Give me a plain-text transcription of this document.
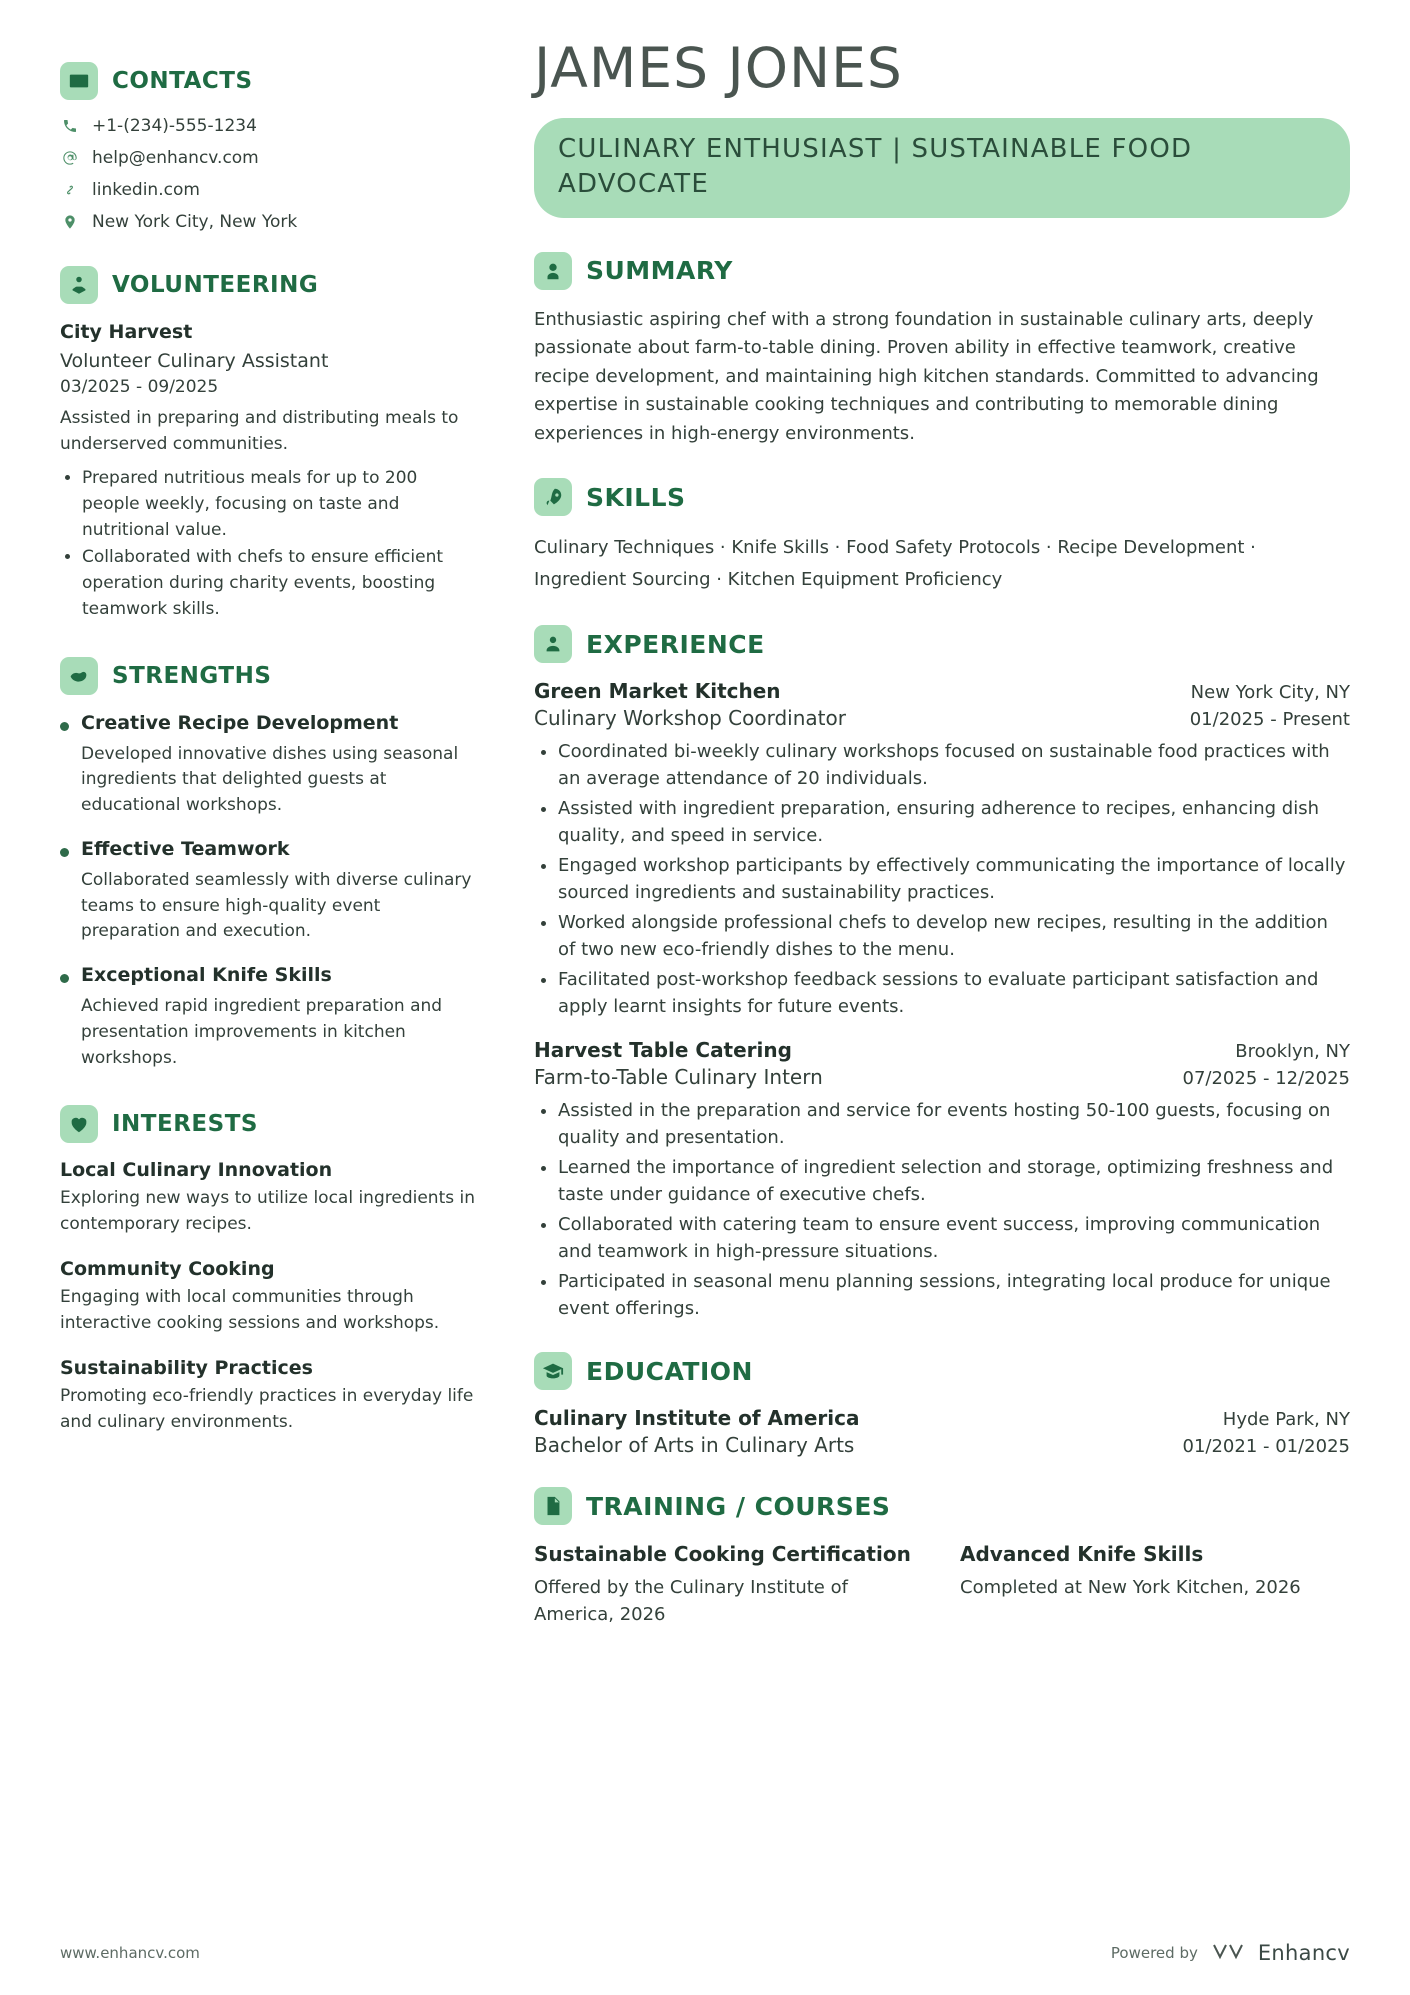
CONTACTS
+1-(234)-555-1234
help@enhancv.com
linkedin.com
New York City, New York
VOLUNTEERING
City Harvest
Volunteer Culinary Assistant
03/2025 - 09/2025
Assisted in preparing and distributing meals to underserved communities.
• Prepared nutritious meals for up to 200 people weekly, focusing on taste and nutritional value.
• Collaborated with chefs to ensure efficient operation during charity events, boosting teamwork skills.
STRENGTHS
Creative Recipe Development
Developed innovative dishes using seasonal ingredients that delighted guests at educational workshops.
Effective Teamwork
Collaborated seamlessly with diverse culinary teams to ensure high-quality event preparation and execution.
Exceptional Knife Skills
Achieved rapid ingredient preparation and presentation improvements in kitchen workshops.
INTERESTS
Local Culinary Innovation
Exploring new ways to utilize local ingredients in contemporary recipes.
Community Cooking
Engaging with local communities through interactive cooking sessions and workshops.
Sustainability Practices
Promoting eco-friendly practices in everyday life and culinary environments.
JAMES JONES
CULINARY ENTHUSIAST | SUSTAINABLE FOOD ADVOCATE
SUMMARY
Enthusiastic aspiring chef with a strong foundation in sustainable culinary arts, deeply passionate about farm-to-table dining. Proven ability in effective teamwork, creative recipe development, and maintaining high kitchen standards. Committed to advancing expertise in sustainable cooking techniques and contributing to memorable dining experiences in high-energy environments.
SKILLS
Culinary Techniques · Knife Skills · Food Safety Protocols · Recipe Development · Ingredient Sourcing · Kitchen Equipment Proficiency
EXPERIENCE
Green Market Kitchen	New York City, NY
Culinary Workshop Coordinator	01/2025 - Present
• Coordinated bi-weekly culinary workshops focused on sustainable food practices with an average attendance of 20 individuals.
• Assisted with ingredient preparation, ensuring adherence to recipes, enhancing dish quality, and speed in service.
• Engaged workshop participants by effectively communicating the importance of locally sourced ingredients and sustainability practices.
• Worked alongside professional chefs to develop new recipes, resulting in the addition of two new eco-friendly dishes to the menu.
• Facilitated post-workshop feedback sessions to evaluate participant satisfaction and apply learnt insights for future events.
Harvest Table Catering	Brooklyn, NY
Farm-to-Table Culinary Intern	07/2025 - 12/2025
• Assisted in the preparation and service for events hosting 50-100 guests, focusing on quality and presentation.
• Learned the importance of ingredient selection and storage, optimizing freshness and taste under guidance of executive chefs.
• Collaborated with catering team to ensure event success, improving communication and teamwork in high-pressure situations.
• Participated in seasonal menu planning sessions, integrating local produce for unique event offerings.
EDUCATION
Culinary Institute of America	Hyde Park, NY
Bachelor of Arts in Culinary Arts	01/2021 - 01/2025
TRAINING / COURSES
Sustainable Cooking Certification
Offered by the Culinary Institute of America, 2026
Advanced Knife Skills
Completed at New York Kitchen, 2026
www.enhancv.com	Powered by	Enhancv
